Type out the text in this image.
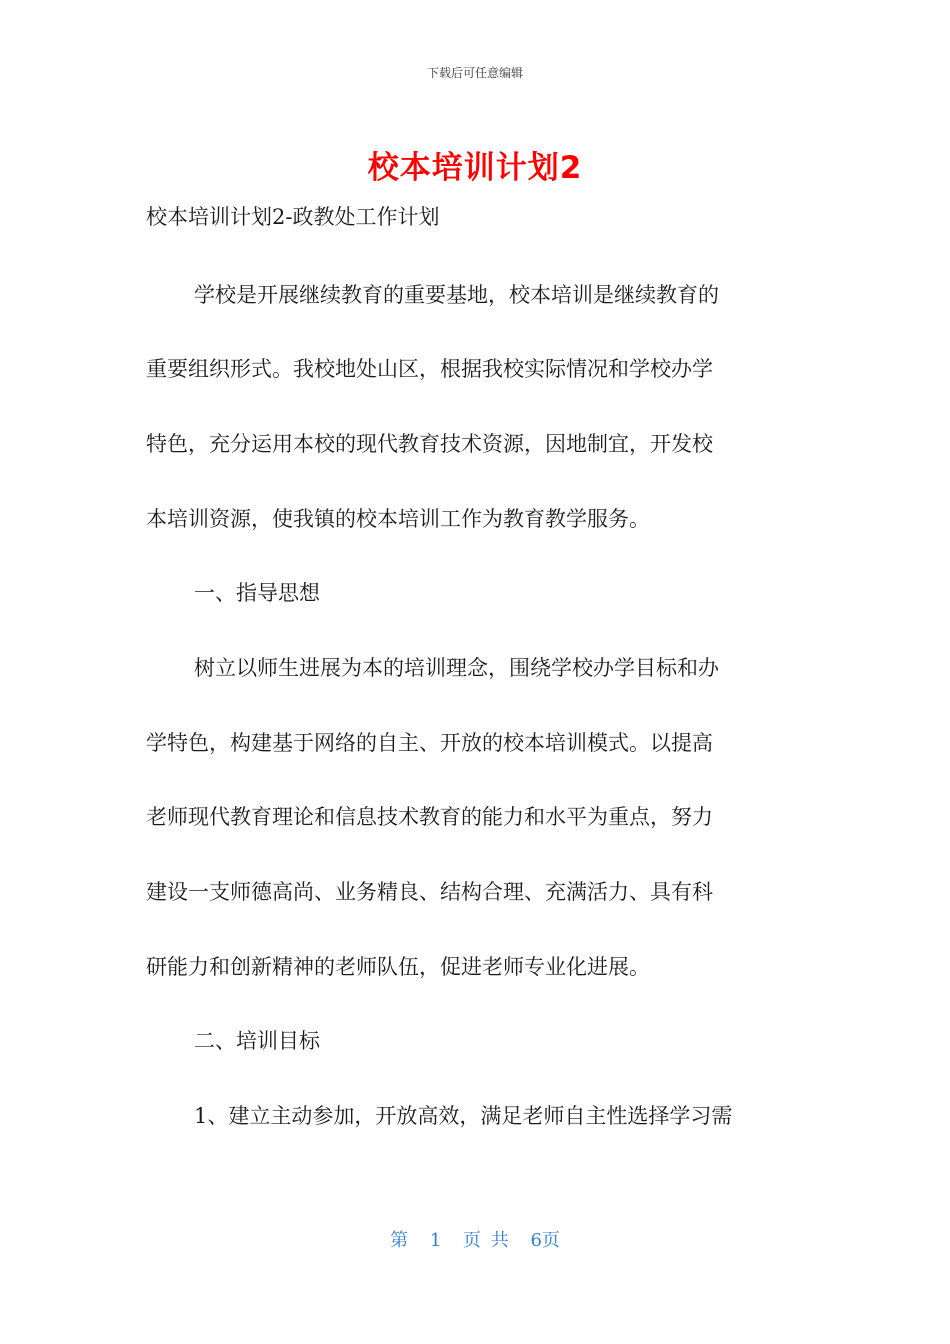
下载后可任意编辑
校本培训计划2
校本培训计划2-政教处工作计划
学校是开展继续教育的重要基地，校本培训是继续教育的
重要组织形式。我校地处山区，根据我校实际情况和学校办学
特色，充分运用本校的现代教育技术资源，因地制宜，开发校
本培训资源，使我镇的校本培训工作为教育教学服务。
一、指导思想
树立以师生进展为本的培训理念，围绕学校办学目标和办
学特色，构建基于网络的自主、开放的校本培训模式。以提高
老师现代教育理论和信息技术教育的能力和水平为重点，努力
建设一支师德高尚、业务精良、结构合理、充满活力、具有科
研能力和创新精神的老师队伍，促进老师专业化进展。
二、培训目标
1、建立主动参加，开放高效，满足老师自主性选择学习需
第 1 页 共 6页
